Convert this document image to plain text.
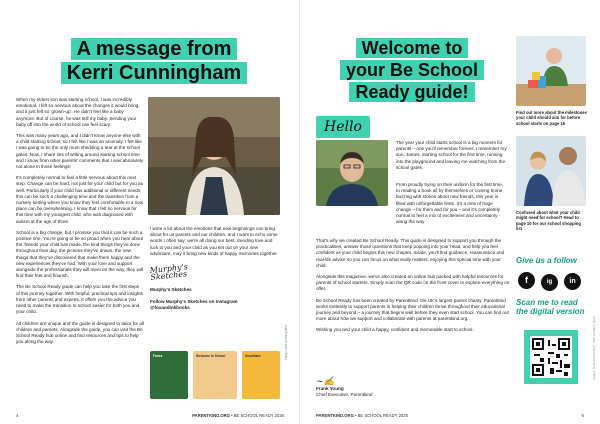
A message from
Kerri Cunningham

When my eldest son was starting school, I was incredibly emotional. I felt so nervous about the changes it would bring, and it just felt so 'grown-up'. He didn't feel like a baby anymore. But of course, he was still my baby. Sending your baby off into the world of school can feel scary.

This was many years ago, and I didn't know anyone else with a child starting school, so I felt like I was an anomaly. I felt like I was going to be the only mum shedding a tear at the school gates. Now, I share lots of writing around starting school time and I know from other parents' comments that I was absolutely not alone in those feelings!

It's completely normal to feel a little nervous about this next step. Change can be hard, not just for your child but for you as well. Particularly if your child has additional or different needs, this can be such a challenging time and the transition from a nursery setting where you know they feel comfortable to a new place can be overwhelming. I know that I felt so nervous for this time with my youngest child, who was diagnosed with autism at the age of three.

School is a big change, but I promise you that it can be such a positive one. You're going to be so proud when you hear about the 'friends your child has made, the kind things they've done throughout their day, the pictures they've drawn, the new things that they've discovered that make them happy and the new experiences they've had. With your love and support alongside the professionals they will meet on the way, they will find their feet and flourish.

The Be School Ready guide can help you take the first steps of this journey together. With helpful, practical tips and insights from other parents and experts, it offers you the advice you need to make the transition to school easier for both you and your child.

All children are unique and the guide is designed to tailor for all children and parents. Alongside the guide, you can visit the Be School Ready hub online and find resources and tips to help you along the way.	Image: Ami Cunningham

I write a lot about the emotions that new beginnings can bring about for us parents and our children, and I want to echo some words I often say: we're all doing our best. Sending love and luck to you and your child as you set out on your new adventure, may it bring new kinds of happy memories together.

Murphy's Sketches

Murphy's Sketches

Follow Murphy's Sketches on Instagram

@foxandinkbooks

Foxes	Welcome to School	Snowflake
4	PARENTKIND.ORG • BE SCHOOL READY 2026
Welcome to
your Be School
Ready guide!
Hello

The year your child starts school is a big moment for parents – one you'll remember forever. I remember my son, James, starting school for the first time, running into the playground and leaving me watching from the school gates.

From proudly trying on their uniform for the first time, to reading a book all by themselves or coming home buzzing with stories about new friends, this year is filled with unforgettable firsts. It's a time of huge change – for them and for you – and it's completely normal to feel a mix of excitement and uncertainty along the way.

That's why we created Be School Ready. This guide is designed to support you through the practicalities, answer those questions that keep popping into your head, and help you feel confident as your child begins this new chapter. Inside, you'll find guidance, reassurance and real-life advice so you can focus on what really matters: enjoying this special time with your child.

Alongside this magazine, we've also created an online hub packed with helpful resources for parents of school starters. Simply scan the QR code on the front cover to explore everything on offer.

Be School Ready has been created by Parentkind, the UK's largest parent charity. Parentkind works tirelessly to support parents in helping their children thrive throughout their educational journey and beyond – a journey that begins well before they even start school. You can find out more about how we support and collaborate with parents at parentkind.org.

Wishing you and your child a happy, confident and memorable start to school.

~✍

Frank Young

Chief Executive, Parentkind

Find out more about the milestones your child should aim for before school starts on page 16

Confused about what your child might need for school? Head to page 10 for our school shopping list

Give us a follow
f	ig in
Scan me to read
the digital version
Images: stock.com/SciStock, stock.com/Moor globe
PARENTKIND.ORG • BE SCHOOL READY 2026	5
